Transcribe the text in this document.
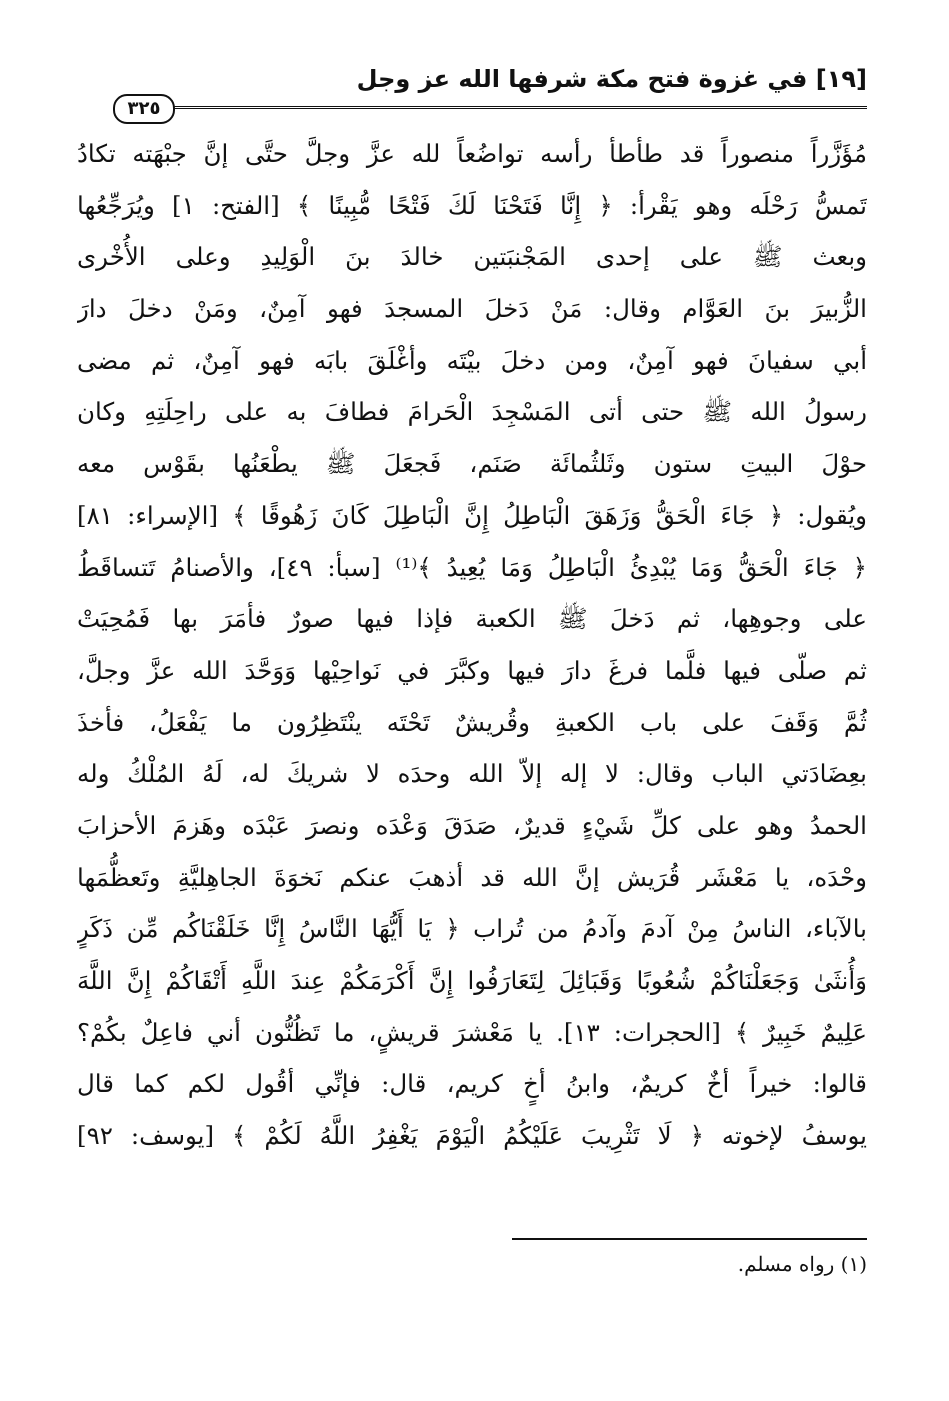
[١٩] في غزوة فتح مكة شرفها الله عز وجل
٣٢٥
مُؤَزَّراً منصوراً قد طأطأ رأسه تواضُعاً لله عزَّ وجلَّ حتَّى إنَّ جبْهَته تكادُ
تَمسُّ رَحْلَه وهو يَقْرأ: ﴿ إِنَّا فَتَحْنَا لَكَ فَتْحًا مُّبِينًا ﴾ [الفتح: ١] ويُرَجِّعُها
وبعث ﷺ على إحدى المَجْنبَتين خالدَ بنَ الْوَلِيدِ وعلى الأُخْرى
الزُّبيرَ بنَ العَوَّام وقال: مَنْ دَخلَ المسجدَ فهو آمِنٌ، ومَنْ دخلَ دارَ
أبي سفيانَ فهو آمِنٌ، ومن دخلَ بيْتَه وأغْلَقَ بابَه فهو آمِنٌ، ثم مضى
رسولُ الله ﷺ حتى أتى المَسْجِدَ الْحَرامَ فطافَ به على راحِلَتِهِ وكان
حوْلَ البيتِ ستون وثَلثُمائَة صَنَم، فَجعَلَ ﷺ يطْعَنُها بقَوْس معه
ويُقول: ﴿ جَاءَ الْحَقُّ وَزَهَقَ الْبَاطِلُ إِنَّ الْبَاطِلَ كَانَ زَهُوقًا ﴾ [الإسراء: ٨١]
﴿ جَاءَ الْحَقُّ وَمَا يُبْدِئُ الْبَاطِلُ وَمَا يُعِيدُ ﴾⁽¹⁾ [سبأ: ٤٩]، والأصنامُ تَتساقَطُ
على وجوهِها، ثم دَخلَ ﷺ الكعبة فإذا فيها صورٌ فأمَرَ بها فَمُحِيَتْ
ثم صلّى فيها فلَّما فرغَ دارَ فيها وكبَّرَ في نَواحِيْها وَوَحَّدَ الله عزَّ وجلَّ،
ثُمَّ وَقَفَ على باب الكعبةِ وقُريشٌ تَحْتَه ينْتَظِرُون ما يَفْعَلُ، فأخذَ
بعِضَادَتي الباب وقال: لا إله إلاّ الله وحدَه لا شريكَ له، لَهُ المُلْكُ وله
الحمدُ وهو على كلِّ شَيْءٍ قديرٌ، صَدَقَ وَعْدَه ونصرَ عَبْدَه وهَزمَ الأحزابَ
وحْدَه، يا مَعْشَر قُرَيش إنَّ الله قد أذهبَ عنكم نَخوَةَ الجاهِليَّةِ وتَعظُّمَها
بالآباء، الناسُ مِنْ آدمَ وآدمُ من تُراب ﴿ يَا أَيُّهَا النَّاسُ إِنَّا خَلَقْنَاكُم مِّن ذَكَرٍ
وَأُنثَىٰ وَجَعَلْنَاكُمْ شُعُوبًا وَقَبَائِلَ لِتَعَارَفُوا إِنَّ أَكْرَمَكُمْ عِندَ اللَّهِ أَتْقَاكُمْ إِنَّ اللَّهَ
عَلِيمٌ خَبِيرٌ ﴾ [الحجرات: ١٣]. يا مَعْشرَ قريشٍ، ما تَظُنُّون أني فاعِلٌ بكُمْ؟
قالوا: خيراً أخٌ كريمٌ، وابنُ أخٍ كريم، قال: فإنِّي أقُول لكم كما قال
يوسفُ لإخوته ﴿ لَا تَثْرِيبَ عَلَيْكُمُ الْيَوْمَ يَغْفِرُ اللَّهُ لَكُمْ ﴾ [يوسف: ٩٢]
(١) رواه مسلم.
